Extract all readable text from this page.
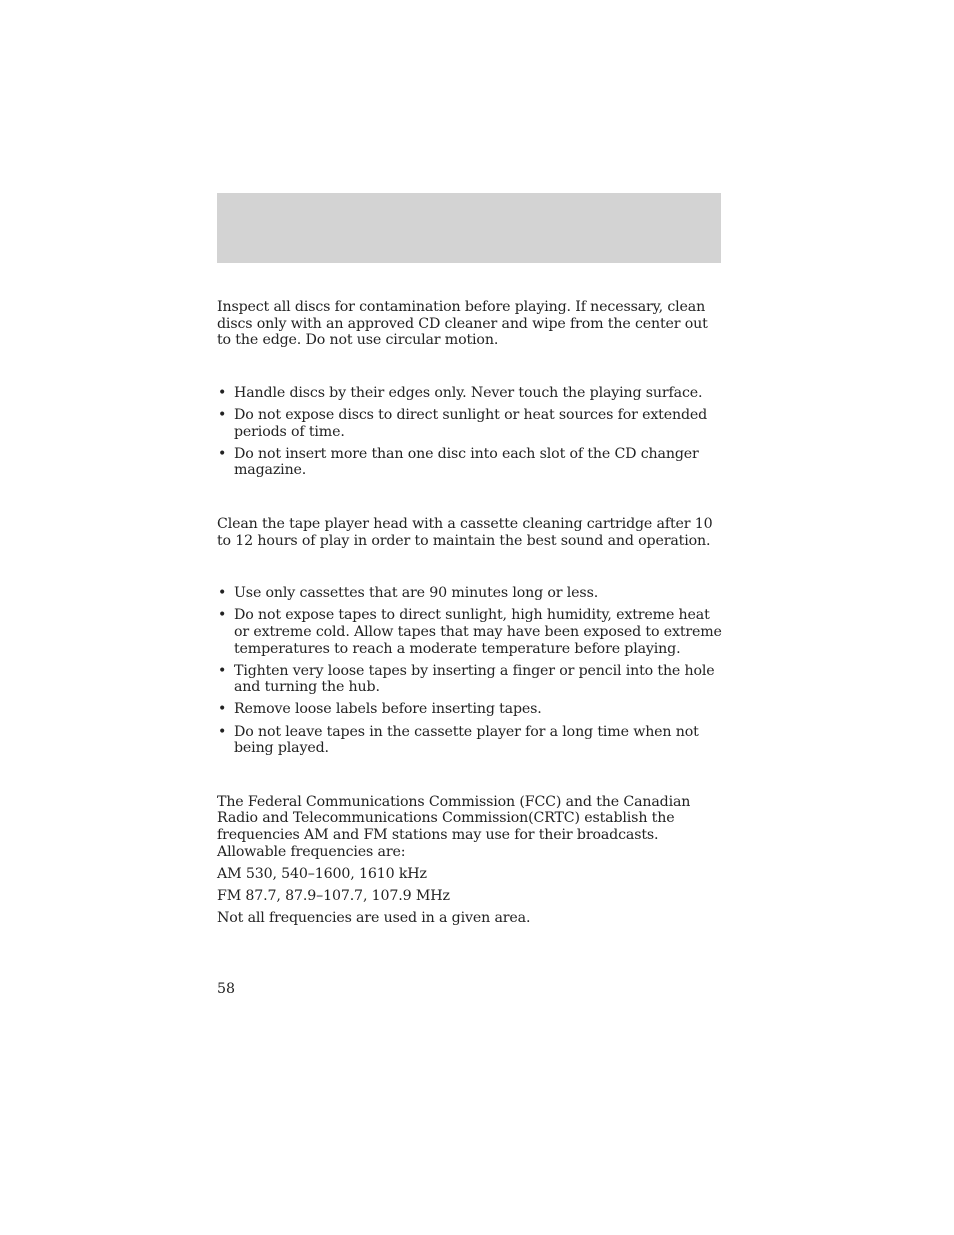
Inspect all discs for contamination before playing. If necessary, clean discs only with an approved CD cleaner and wipe from the center out to the edge. Do not use circular motion.

• Handle discs by their edges only. Never touch the playing surface.
• Do not expose discs to direct sunlight or heat sources for extended periods of time.
• Do not insert more than one disc into each slot of the CD changer magazine.

Clean the tape player head with a cassette cleaning cartridge after 10 to 12 hours of play in order to maintain the best sound and operation.

• Use only cassettes that are 90 minutes long or less.
• Do not expose tapes to direct sunlight, high humidity, extreme heat or extreme cold. Allow tapes that may have been exposed to extreme temperatures to reach a moderate temperature before playing.
• Tighten very loose tapes by inserting a finger or pencil into the hole and turning the hub.
• Remove loose labels before inserting tapes.
• Do not leave tapes in the cassette player for a long time when not being played.

The Federal Communications Commission (FCC) and the Canadian Radio and Telecommunications Commission(CRTC) establish the frequencies AM and FM stations may use for their broadcasts. Allowable frequencies are:

AM 530, 540–1600, 1610 kHz

FM 87.7, 87.9–107.7, 107.9 MHz

Not all frequencies are used in a given area.

58
